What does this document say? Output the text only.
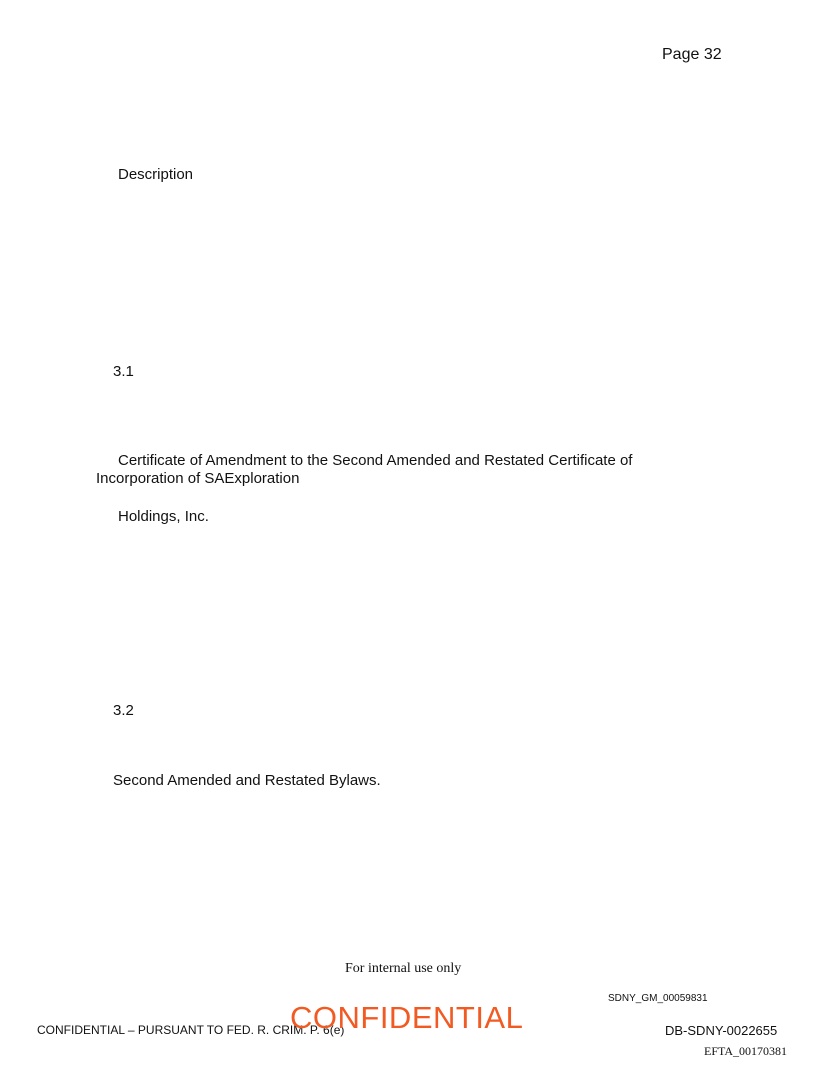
Page 32
Description
3.1
Certificate of Amendment to the Second Amended and Restated Certificate of
Incorporation of SAExploration
Holdings, Inc.
3.2
Second Amended and Restated Bylaws.
For internal use only
SDNY_GM_00059831
CONFIDENTIAL – PURSUANT TO FED. R. CRIM. P. 6(e)
CONFIDENTIAL	DB-SDNY-0022655
EFTA_00170381
